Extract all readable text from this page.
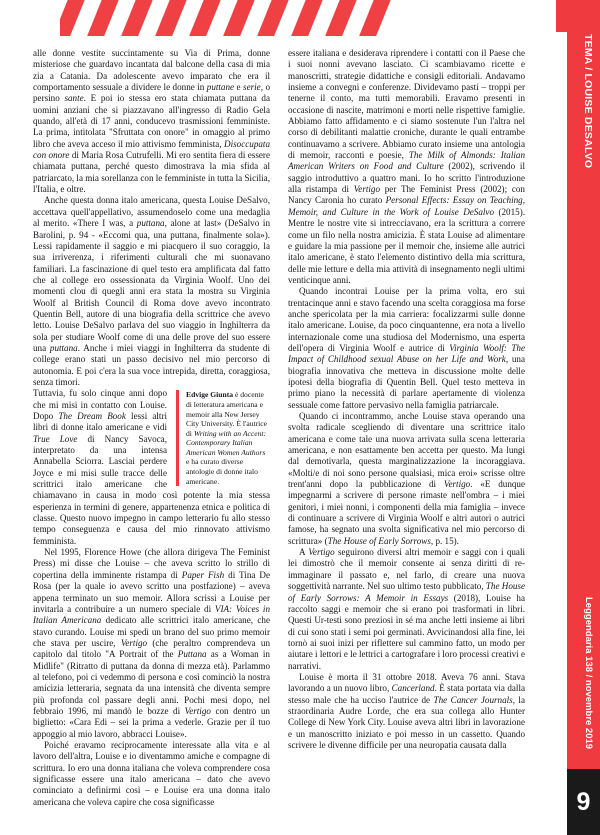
TEMA / LOUISE DESALVO
Leggendaria 138 / novembre 2019
9

alle donne vestite succintamente su Via di Prima, donne misteriose che guardavo incantata dal balcone della casa di mia zia a Catania. Da adolescente avevo imparato che era il comportamento sessuale a dividere le donne in puttane e serie, o persino sante. E poi io stessa ero stata chiamata puttana da uomini anziani che si piazzavano all'ingresso di Radio Gela quando, all'età di 17 anni, conducevo trasmissioni femministe. La prima, intitolata "Sfruttata con onore" in omaggio al primo libro che aveva acceso il mio attivismo femminista, Disoccupata con onore di Maria Rosa Cutrufelli. Mi ero sentita fiera di essere chiamata puttana, perché questo dimostrava la mia sfida al patriarcato, la mia sorellanza con le femministe in tutta la Sicilia, l'Italia, e oltre.

Anche questa donna italo americana, questa Louise DeSalvo, accettava quell'appellativo, assumendoselo come una medaglia al merito. «There I was, a puttana, alone at last» (DeSalvo in Barolini, p. 94 - «Eccomi qua, una puttana, finalmente sola»). Lessi rapidamente il saggio e mi piacquero il suo coraggio, la sua irriverenza, i riferimenti culturali che mi suonavano familiari. La fascinazione di quel testo era amplificata dal fatto che al college ero ossessionata da Virginia Woolf. Uno dei momenti clou di quegli anni era stata la mostra su Virginia Woolf al British Council di Roma dove avevo incontrato Quentin Bell, autore di una biografia della scrittrice che avevo letto. Louise DeSalvo parlava del suo viaggio in Inghilterra da sola per studiare Woolf come di una delle prove del suo essere una puttana. Anche i miei viaggi in Inghilterra da studente di college erano stati un passo decisivo nel mio percorso di autonomia. E poi c'era la sua voce intrepida, diretta, coraggiosa, senza timori.

Edvige Giunta è docente di letteratura americana e memoir alla New Jersey City University. È l'autrice di Writing with an Accent: Contemporary Italian American Women Authors e ha curato diverse antologie di donne italo americane.

Tuttavia, fu solo cinque anni dopo che mi misi in contatto con Louise. Dopo The Dream Book lessi altri libri di donne italo americane e vidi True Love di Nancy Savoca, interpretato da una intensa Annabella Sciorra. Lasciai perdere Joyce e mi misi sulle tracce delle scrittrici italo americane che chiamavano in causa in modo così potente la mia stessa esperienza in termini di genere, appartenenza etnica e politica di classe. Questo nuovo impegno in campo letterario fu allo stesso tempo conseguenza e causa del mio rinnovato attivismo femminista.

Nel 1995, Florence Howe (che allora dirigeva The Feminist Press) mi disse che Louise – che aveva scritto lo strillo di copertina della imminente ristampa di Paper Fish di Tina De Rosa (per la quale io avevo scritto una postfazione) – aveva appena terminato un suo memoir. Allora scrissi a Louise per invitarla a contribuire a un numero speciale di VIA: Voices in Italian Americana dedicato alle scrittrici italo americane, che stavo curando. Louise mi spedì un brano del suo primo memoir che stava per uscire, Vertigo (che peraltro comprendeva un capitolo dal titolo "A Portrait of the Puttana as a Woman in Midlife" (Ritratto di puttana da donna di mezza età). Parlammo al telefono, poi ci vedemmo di persona e così cominciò la nostra amicizia letteraria, segnata da una intensità che diventa sempre più profonda col passare degli anni. Pochi mesi dopo, nel febbraio 1996, mi mandò le bozze di Vertigo con dentro un biglietto: «Cara Edi – sei la prima a vederle. Grazie per il tuo appoggio al mio lavoro, abbracci Louise».

Poiché eravamo reciprocamente interessate alla vita e al lavoro dell'altra, Louise e io diventammo amiche e compagne di scrittura. Io ero una donna italiana che voleva comprendere cosa significasse essere una italo americana – dato che avevo cominciato a definirmi così – e Louise era una donna italo americana che voleva capire che cosa significasse

essere italiana e desiderava riprendere i contatti con il Paese che i suoi nonni avevano lasciato. Ci scambiavamo ricette e manoscritti, strategie didattiche e consigli editoriali. Andavamo insieme a convegni e conferenze. Dividevamo pasti – troppi per tenerne il conto, ma tutti memorabili. Eravamo presenti in occasione di nascite, matrimoni e morti nelle rispettive famiglie. Abbiamo fatto affidamento e ci siamo sostenute l'un l'altra nel corso di debilitanti malattie croniche, durante le quali entrambe continuavamo a scrivere. Abbiamo curato insieme una antologia di memoir, racconti e poesie, The Milk of Almonds: Italian American Writers on Food and Culture (2002), scrivendo il saggio introduttivo a quattro mani. Io ho scritto l'introduzione alla ristampa di Vertigo per The Feminist Press (2002); con Nancy Caronia ho curato Personal Effects: Essay on Teaching, Memoir, and Culture in the Work of Louise DeSalvo (2015). Mentre le nostre vite si intrecciavano, era la scrittura a correre come un filo nella nostra amicizia. È stata Louise ad alimentare e guidare la mia passione per il memoir che, insieme alle autrici italo americane, è stato l'elemento distintivo della mia scrittura, delle mie letture e della mia attività di insegnamento negli ultimi venticinque anni.

Quando incontrai Louise per la prima volta, ero sui trentacinque anni e stavo facendo una scelta coraggiosa ma forse anche spericolata per la mia carriera: focalizzarmi sulle donne italo americane. Louise, da poco cinquantenne, era nota a livello internazionale come una studiosa del Modernismo, una esperta dell'opera di Virginia Woolf e autrice di Virginia Woolf: The Impact of Childhood sexual Abuse on her Life and Work, una biografia innovativa che metteva in discussione molte delle ipotesi della biografia di Quentin Bell. Quel testo metteva in primo piano la necessità di parlare apertamente di violenza sessuale come fattore pervasivo nella famiglia patriarcale.

Quando ci incontrammo, anche Louise stava operando una svolta radicale scegliendo di diventare una scrittrice italo americana e come tale una nuova arrivata sulla scena letteraria americana, e non esattamente ben accetta per questo. Ma lungi dal demotivarla, questa marginalizzazione la incoraggiava. «Molti/e di noi sono persone qualsiasi, mica eroi» scrisse oltre trent'anni dopo la pubblicazione di Vertigo. «E dunque impegnarmi a scrivere di persone rimaste nell'ombra – i miei genitori, i miei nonni, i componenti della mia famiglia – invece di continuare a scrivere di Virginia Woolf e altri autori o autrici famose, ha segnato una svolta significativa nel mio percorso di scrittura» (The House of Early Sorrows, p. 15).

A Vertigo seguirono diversi altri memoir e saggi con i quali lei dimostrò che il memoir consente ai senza diritti di re-immaginare il passato e, nel farlo, di creare una nuova soggettività narrante. Nel suo ultimo testo pubblicato, The House of Early Sorrows: A Memoir in Essays (2018), Louise ha raccolto saggi e memoir che si erano poi trasformati in libri. Questi Ur-testi sono preziosi in sé ma anche letti insieme ai libri di cui sono stati i semi poi germinati. Avvicinandosi alla fine, lei tornò ai suoi inizi per riflettere sul cammino fatto, un modo per aiutare i lettori e le lettrici a cartografare i loro processi creativi e narrativi.

Louise è morta il 31 ottobre 2018. Aveva 76 anni. Stava lavorando a un nuovo libro, Cancerland. È stata portata via dalla stesso male che ha ucciso l'autrice de The Cancer Journals, la straordinaria Audre Lorde, che era sua collega allo Hunter College di New York City. Louise aveva altri libri in lavorazione e un manoscritto iniziato e poi messo in un cassetto. Quando scrivere le divenne difficile per una neuropatia causata dalla
